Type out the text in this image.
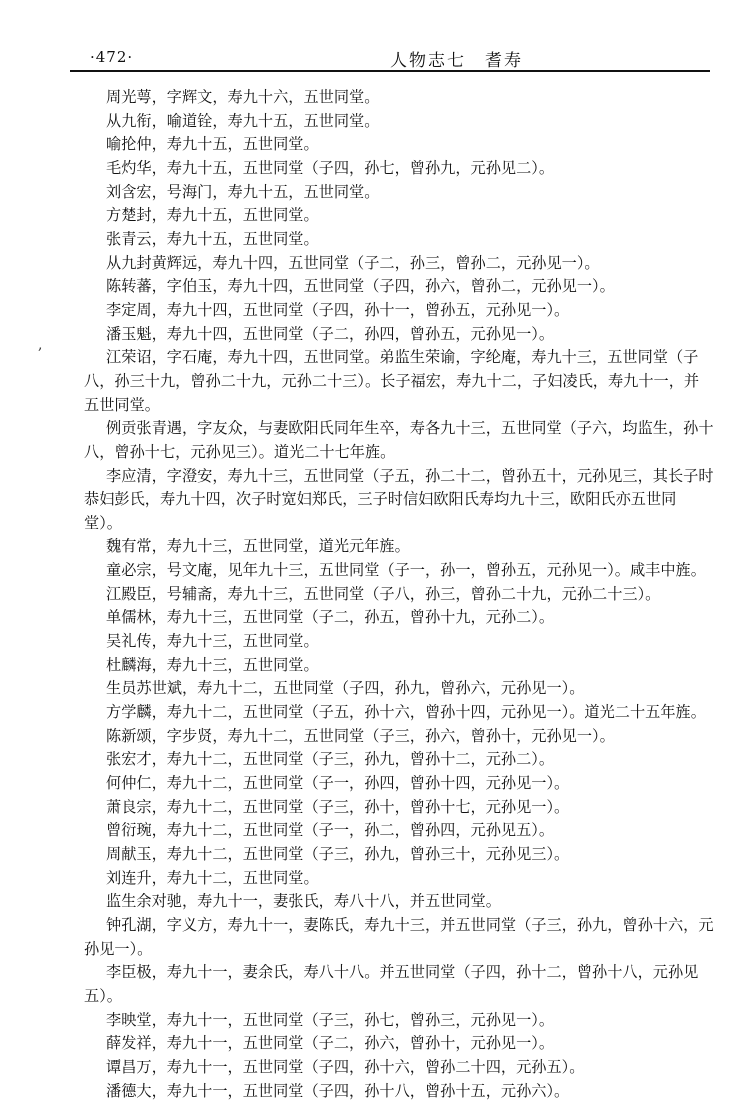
·472·	人物志七　耆寿
,

周光萼，字辉文，寿九十六，五世同堂。

从九衔，喻道铨，寿九十五，五世同堂。

喻抡仲，寿九十五，五世同堂。

毛灼华，寿九十五，五世同堂（子四，孙七，曾孙九，元孙见二）。

刘含宏，号海门，寿九十五，五世同堂。

方楚封，寿九十五，五世同堂。

张青云，寿九十五，五世同堂。

从九封黄辉远，寿九十四，五世同堂（子二，孙三，曾孙二，元孙见一）。

陈转蕃，字伯玉，寿九十四，五世同堂（子四，孙六，曾孙二，元孙见一）。

李定周，寿九十四，五世同堂（子四，孙十一，曾孙五，元孙见一）。

潘玉魁，寿九十四，五世同堂（子二，孙四，曾孙五，元孙见一）。

江荣诏，字石庵，寿九十四，五世同堂。弟监生荣谕，字纶庵，寿九十三，五世同堂（子八，孙三十九，曾孙二十九，元孙二十三）。长子福宏，寿九十二，子妇凌氏，寿九十一，并五世同堂。

例贡张青遇，字友众，与妻欧阳氏同年生卒，寿各九十三，五世同堂（子六，均监生，孙十八，曾孙十七，元孙见三）。道光二十七年旌。

李应清，字澄安，寿九十三，五世同堂（子五，孙二十二，曾孙五十，元孙见三，其长子时恭妇彭氏，寿九十四，次子时宽妇郑氏，三子时信妇欧阳氏寿均九十三，欧阳氏亦五世同堂）。

魏有常，寿九十三，五世同堂，道光元年旌。

童必宗，号文庵，见年九十三，五世同堂（子一，孙一，曾孙五，元孙见一）。咸丰中旌。

江殿臣，号辅斋，寿九十三，五世同堂（子八，孙三，曾孙二十九，元孙二十三）。

单儒林，寿九十三，五世同堂（子二，孙五，曾孙十九，元孙二）。

吴礼传，寿九十三，五世同堂。

杜麟海，寿九十三，五世同堂。

生员苏世斌，寿九十二，五世同堂（子四，孙九，曾孙六，元孙见一）。

方学麟，寿九十二，五世同堂（子五，孙十六，曾孙十四，元孙见一）。道光二十五年旌。

陈新颂，字步贤，寿九十二，五世同堂（子三，孙六，曾孙十，元孙见一）。

张宏才，寿九十二，五世同堂（子三，孙九，曾孙十二，元孙二）。

何仲仁，寿九十二，五世同堂（子一，孙四，曾孙十四，元孙见一）。

萧良宗，寿九十二，五世同堂（子三，孙十，曾孙十七，元孙见一）。

曾衍琬，寿九十二，五世同堂（子一，孙二，曾孙四，元孙见五）。

周献玉，寿九十二，五世同堂（子三，孙九，曾孙三十，元孙见三）。

刘连升，寿九十二，五世同堂。

监生余对驰，寿九十一，妻张氏，寿八十八，并五世同堂。

钟孔湖，字义方，寿九十一，妻陈氏，寿九十三，并五世同堂（子三，孙九，曾孙十六，元孙见一）。

李臣极，寿九十一，妻余氏，寿八十八。并五世同堂（子四，孙十二，曾孙十八，元孙见五）。

李映堂，寿九十一，五世同堂（子三，孙七，曾孙三，元孙见一）。

薛发祥，寿九十一，五世同堂（子二，孙六，曾孙十，元孙见一）。

谭昌万，寿九十一，五世同堂（子四，孙十六，曾孙二十四，元孙五）。

潘德大，寿九十一，五世同堂（子四，孙十八，曾孙十五，元孙六）。
